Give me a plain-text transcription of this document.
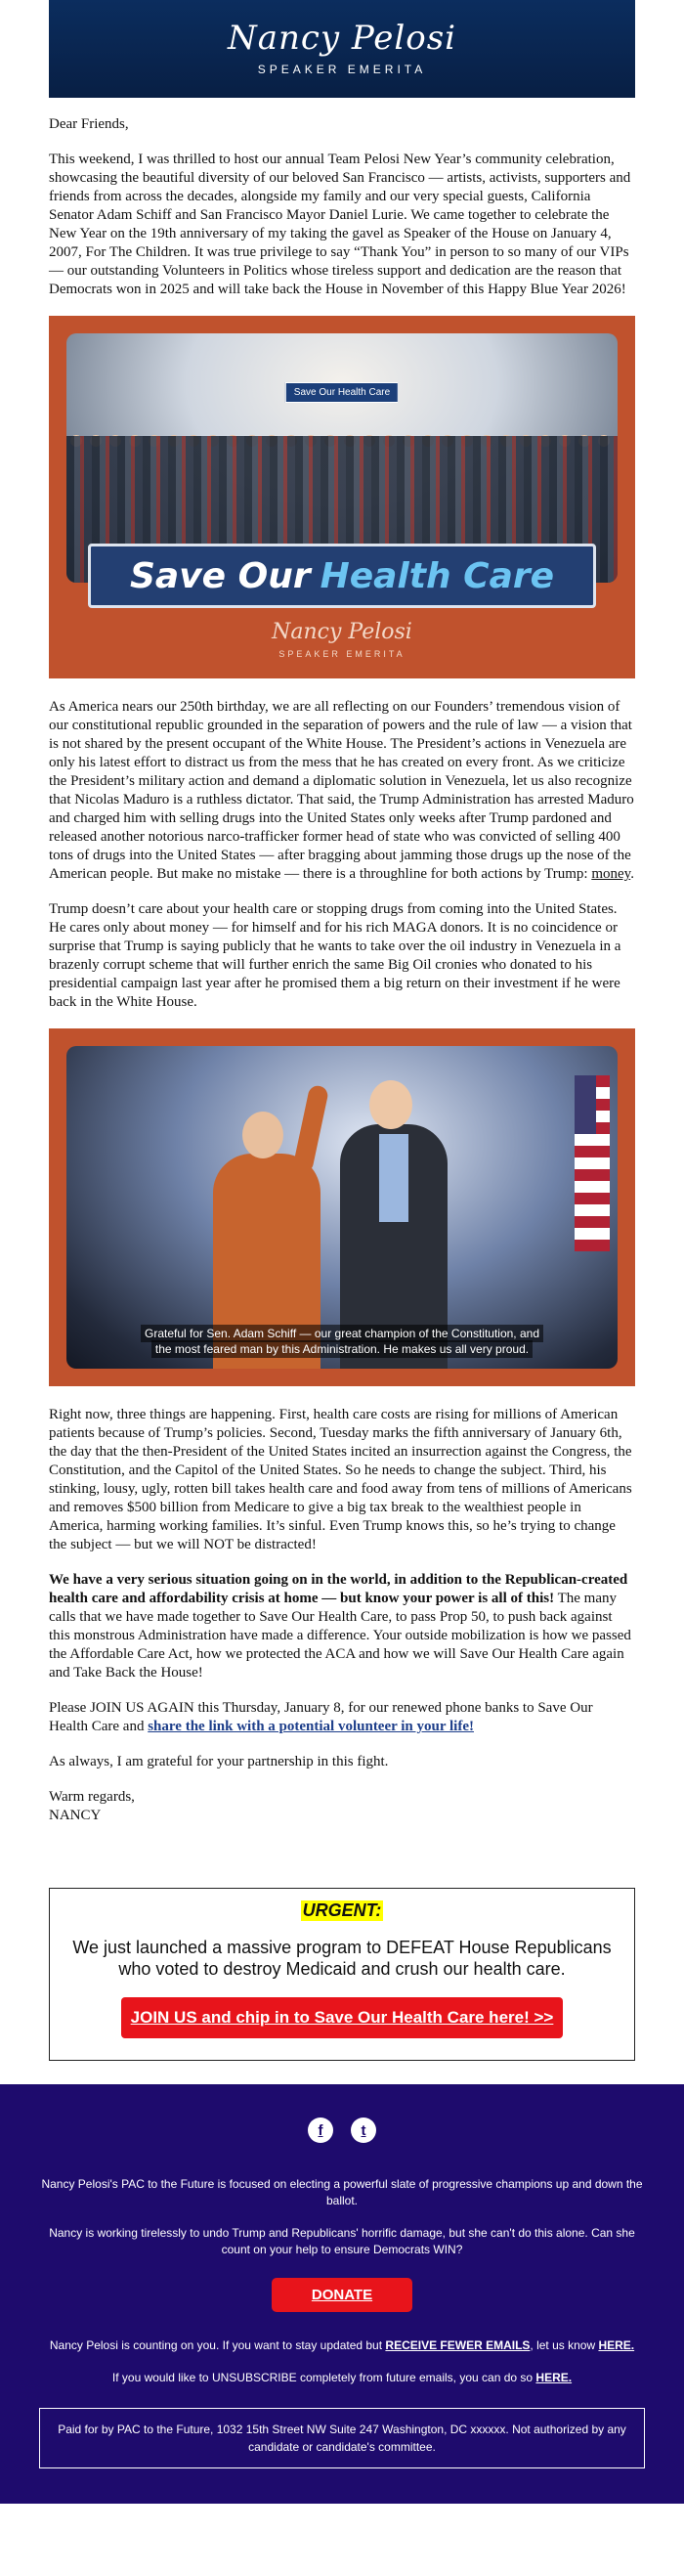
Nancy Pelosi
SPEAKER EMERITA

Dear Friends,

This weekend, I was thrilled to host our annual Team Pelosi New Year’s community celebration, showcasing the beautiful diversity of our beloved San Francisco — artists, activists, supporters and friends from across the decades, alongside my family and our very special guests, California Senator Adam Schiff and San Francisco Mayor Daniel Lurie. We came together to celebrate the New Year on the 19th anniversary of my taking the gavel as Speaker of the House on January 4, 2007, For The Children. It was true privilege to say “Thank You” in person to so many of our VIPs — our outstanding Volunteers in Politics whose tireless support and dedication are the reason that Democrats won in 2025 and will take back the House in November of this Happy Blue Year 2026!

Save Our Health Care
Save Our Health Care
Nancy Pelosi
SPEAKER EMERITA

As America nears our 250th birthday, we are all reflecting on our Founders’ tremendous vision of our constitutional republic grounded in the separation of powers and the rule of law — a vision that is not shared by the present occupant of the White House. The President’s actions in Venezuela are only his latest effort to distract us from the mess that he has created on every front. As we criticize the President’s military action and demand a diplomatic solution in Venezuela, let us also recognize that Nicolas Maduro is a ruthless dictator. That said, the Trump Administration has arrested Maduro and charged him with selling drugs into the United States only weeks after Trump pardoned and released another notorious narco-trafficker former head of state who was convicted of selling 400 tons of drugs into the United States — after bragging about jamming those drugs up the nose of the American people. But make no mistake — there is a throughline for both actions by Trump: money.

Trump doesn’t care about your health care or stopping drugs from coming into the United States. He cares only about money — for himself and for his rich MAGA donors. It is no coincidence or surprise that Trump is saying publicly that he wants to take over the oil industry in Venezuela in a brazenly corrupt scheme that will further enrich the same Big Oil cronies who donated to his presidential campaign last year after he promised them a big return on their investment if he were back in the White House.

Grateful for Sen. Adam Schiff — our great champion of the Constitution, and
the most feared man by this Administration. He makes us all very proud.

Right now, three things are happening. First, health care costs are rising for millions of American patients because of Trump’s policies. Second, Tuesday marks the fifth anniversary of January 6th, the day that the then-President of the United States incited an insurrection against the Congress, the Constitution, and the Capitol of the United States. So he needs to change the subject. Third, his stinking, lousy, ugly, rotten bill takes health care and food away from tens of millions of Americans and removes $500 billion from Medicare to give a big tax break to the wealthiest people in America, harming working families. It’s sinful. Even Trump knows this, so he’s trying to change the subject — but we will NOT be distracted!

We have a very serious situation going on in the world, in addition to the Republican-created health care and affordability crisis at home — but know your power is all of this! The many calls that we have made together to Save Our Health Care, to pass Prop 50, to push back against this monstrous Administration have made a difference. Your outside mobilization is how we passed the Affordable Care Act, how we protected the ACA and how we will Save Our Health Care again and Take Back the House!

Please JOIN US AGAIN this Thursday, January 8, for our renewed phone banks to Save Our Health Care and share the link with a potential volunteer in your life!

As always, I am grateful for your partnership in this fight.

Warm regards,

NANCY

URGENT:
We just launched a massive program to DEFEAT House Republicans who voted to destroy Medicaid and crush our health care.
JOIN US and chip in to Save Our Health Care here! >>
f	t

Nancy Pelosi's PAC to the Future is focused on electing a powerful slate of progressive champions up and down the ballot.

Nancy is working tirelessly to undo Trump and Republicans' horrific damage, but she can't do this alone. Can she count on your help to ensure Democrats WIN?

DONATE

Nancy Pelosi is counting on you. If you want to stay updated but RECEIVE FEWER EMAILS, let us know HERE.

If you would like to UNSUBSCRIBE completely from future emails, you can do so HERE.

Paid for by PAC to the Future, 1032 15th Street NW Suite 247 Washington, DC xxxxxx. Not authorized by any candidate or candidate's committee.
